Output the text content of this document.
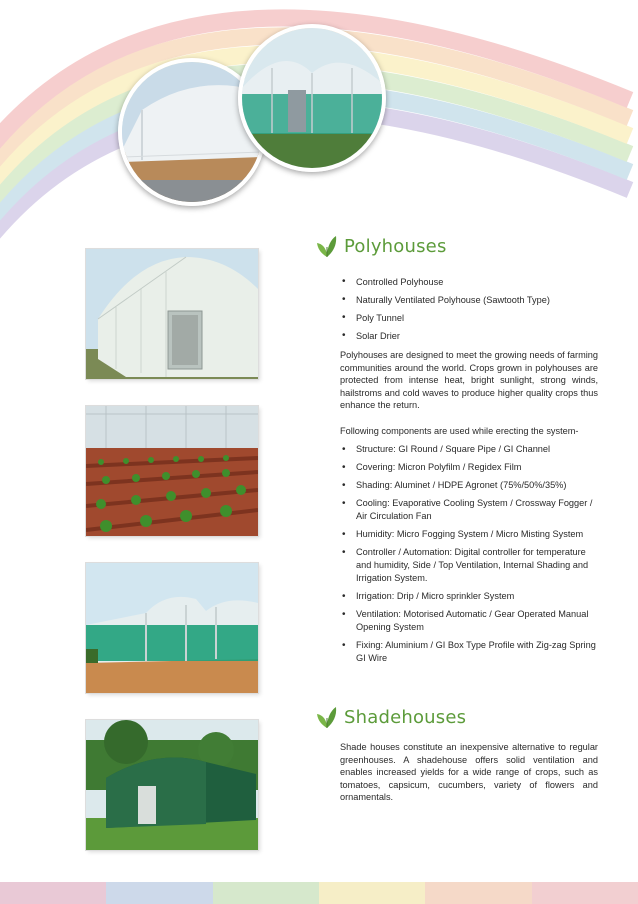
Polyhouses
• Controlled Polyhouse
• Naturally Ventilated Polyhouse (Sawtooth Type)
• Poly Tunnel
• Solar Drier

Polyhouses are designed to meet the growing needs of farming communities around the world. Crops grown in polyhouses are protected from intense heat, bright sunlight, strong winds, hailstroms and cold waves to produce higher quality crops thus enhance the return.

Following components are used while erecting the system-

• Structure: GI Round / Square Pipe / GI Channel
• Covering: Micron Polyfilm / Regidex Film
• Shading: Aluminet / HDPE Agronet (75%/50%/35%)
• Cooling: Evaporative Cooling System / Crossway Fogger / Air Circulation Fan
• Humidity: Micro Fogging System / Micro Misting System
• Controller / Automation: Digital controller for temperature and humidity, Side / Top Ventilation, Internal Shading and Irrigation System.
• Irrigation: Drip / Micro sprinkler System
• Ventilation: Motorised Automatic / Gear Operated Manual Opening System
• Fixing: Aluminium / GI Box Type Profile with Zig-zag Spring GI Wire
Shadehouses

Shade houses constitute an inexpensive alternative to regular greenhouses. A shadehouse offers solid ventilation and enables increased yields for a wide range of crops, such as tomatoes, capsicum, cucumbers, variety of flowers and ornamentals.
